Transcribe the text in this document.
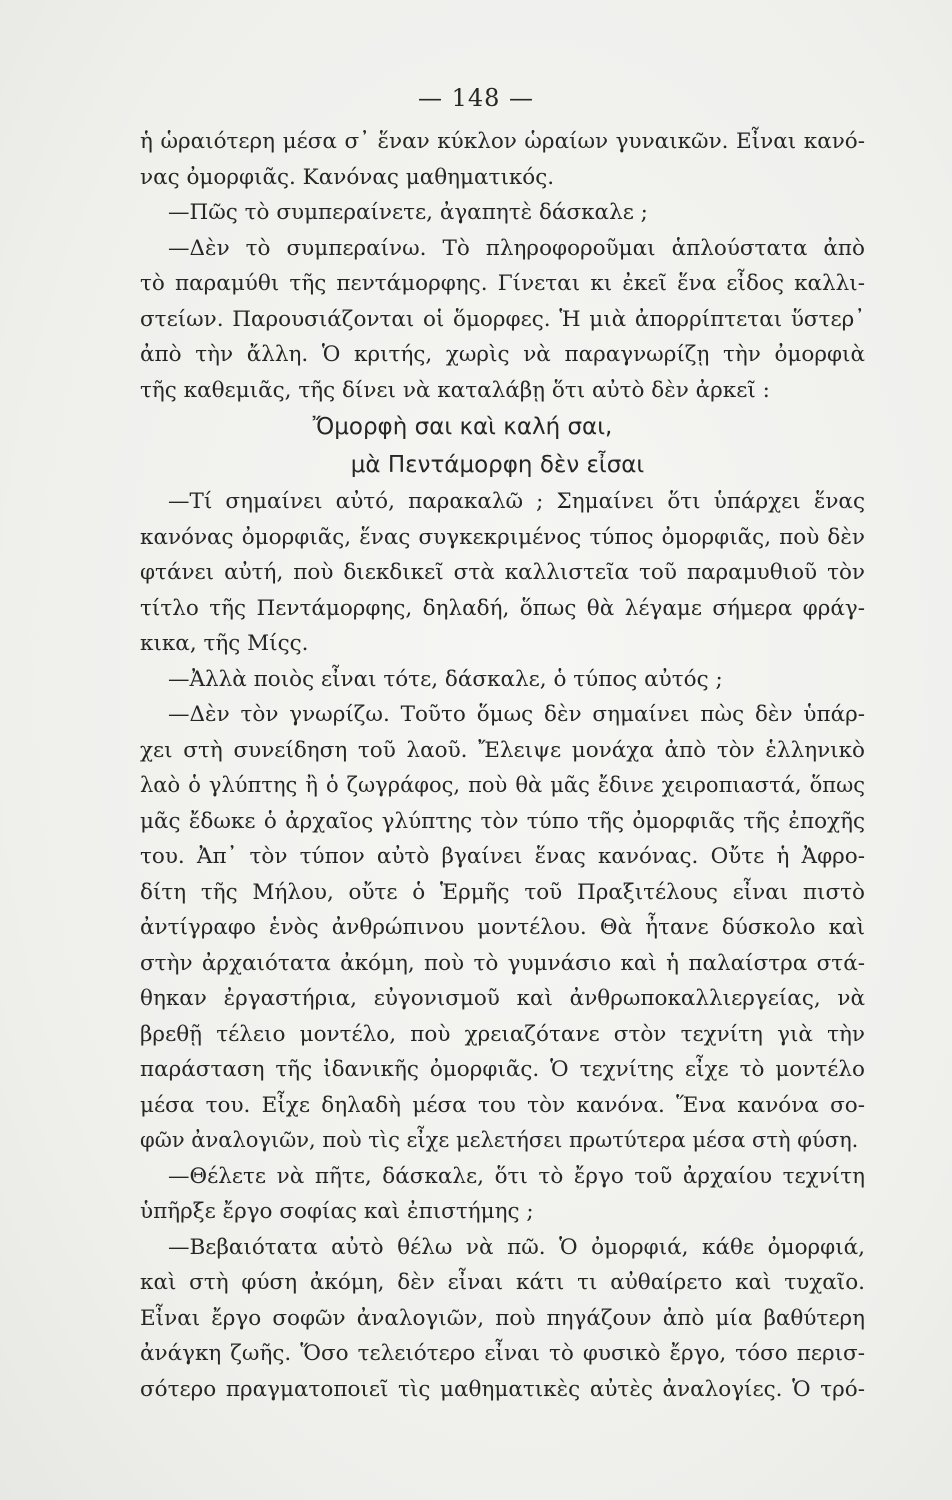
— 148 —
ἡ ὡραιότερη μέσα σ᾿ ἕναν κύκλον ὡραίων γυναικῶν. Εἶναι κανό-
νας ὀμορφιᾶς. Κανόνας μαθηματικός.
—Πῶς τὸ συμπεραίνετε, ἀγαπητὲ δάσκαλε ;
—Δὲν τὸ συμπεραίνω. Τὸ πληροφοροῦμαι ἁπλούστατα ἀπὸ
τὸ παραμύθι τῆς πεντάμορφης. Γίνεται κι ἐκεῖ ἕνα εἶδος καλλι-
στείων. Παρουσιάζονται οἱ ὅμορφες. Ἡ μιὰ ἀπορρίπτεται ὕστερ᾿
ἀπὸ τὴν ἄλλη. Ὁ κριτής, χωρὶς νὰ παραγνωρίζῃ τὴν ὀμορφιὰ
τῆς καθεμιᾶς, τῆς δίνει νὰ καταλάβῃ ὅτι αὐτὸ δὲν ἀρκεῖ :
Ὄμορφὴ σαι καὶ καλή σαι,
μὰ Πεντάμορφη δὲν εἶσαι
—Τί σημαίνει αὐτό, παρακαλῶ ; Σημαίνει ὅτι ὑπάρχει ἕνας
κανόνας ὀμορφιᾶς, ἕνας συγκεκριμένος τύπος ὀμορφιᾶς, ποὺ δὲν
φτάνει αὐτή, ποὺ διεκδικεῖ στὰ καλλιστεῖα τοῦ παραμυθιοῦ τὸν
τίτλο τῆς Πεντάμορφης, δηλαδή, ὅπως θὰ λέγαμε σήμερα φράγ-
κικα, τῆς Μίςς.
—Ἀλλὰ ποιὸς εἶναι τότε, δάσκαλε, ὁ τύπος αὐτός ;
—Δὲν τὸν γνωρίζω. Τοῦτο ὅμως δὲν σημαίνει πὼς δὲν ὑπάρ-
χει στὴ συνείδηση τοῦ λαοῦ. Ἔλειψε μονάχα ἀπὸ τὸν ἑλληνικὸ
λαὸ ὁ γλύπτης ἢ ὁ ζωγράφος, ποὺ θὰ μᾶς ἔδινε χειροπιαστά, ὅπως
μᾶς ἔδωκε ὁ ἀρχαῖος γλύπτης τὸν τύπο τῆς ὀμορφιᾶς τῆς ἐποχῆς
του. Ἀπ᾿ τὸν τύπον αὐτὸ βγαίνει ἕνας κανόνας. Οὔτε ἡ Ἀφρο-
δίτη τῆς Μήλου, οὔτε ὁ Ἑρμῆς τοῦ Πραξιτέλους εἶναι πιστὸ
ἀντίγραφο ἑνὸς ἀνθρώπινου μοντέλου. Θὰ ἦτανε δύσκολο καὶ
στὴν ἀρχαιότατα ἀκόμη, ποὺ τὸ γυμνάσιο καὶ ἡ παλαίστρα στά-
θηκαν ἐργαστήρια, εὐγονισμοῦ καὶ ἀνθρωποκαλλιεργείας, νὰ
βρεθῇ τέλειο μοντέλο, ποὺ χρειαζότανε στὸν τεχνίτη γιὰ τὴν
παράσταση τῆς ἰδανικῆς ὀμορφιᾶς. Ὁ τεχνίτης εἶχε τὸ μοντέλο
μέσα του. Εἶχε δηλαδὴ μέσα του τὸν κανόνα. Ἕνα κανόνα σο-
φῶν ἀναλογιῶν, ποὺ τὶς εἶχε μελετήσει πρωτύτερα μέσα στὴ φύση.
—Θέλετε νὰ πῆτε, δάσκαλε, ὅτι τὸ ἔργο τοῦ ἀρχαίου τεχνίτη
ὑπῆρξε ἔργο σοφίας καὶ ἐπιστήμης ;
—Βεβαιότατα αὐτὸ θέλω νὰ πῶ. Ὁ ὀμορφιά, κάθε ὀμορφιά,
καὶ στὴ φύση ἀκόμη, δὲν εἶναι κάτι τι αὐθαίρετο καὶ τυχαῖο.
Εἶναι ἔργο σοφῶν ἀναλογιῶν, ποὺ πηγάζουν ἀπὸ μία βαθύτερη
ἀνάγκη ζωῆς. Ὅσο τελειότερο εἶναι τὸ φυσικὸ ἔργο, τόσο περισ-
σότερο πραγματοποιεῖ τὶς μαθηματικὲς αὐτὲς ἀναλογίες. Ὁ τρό-
